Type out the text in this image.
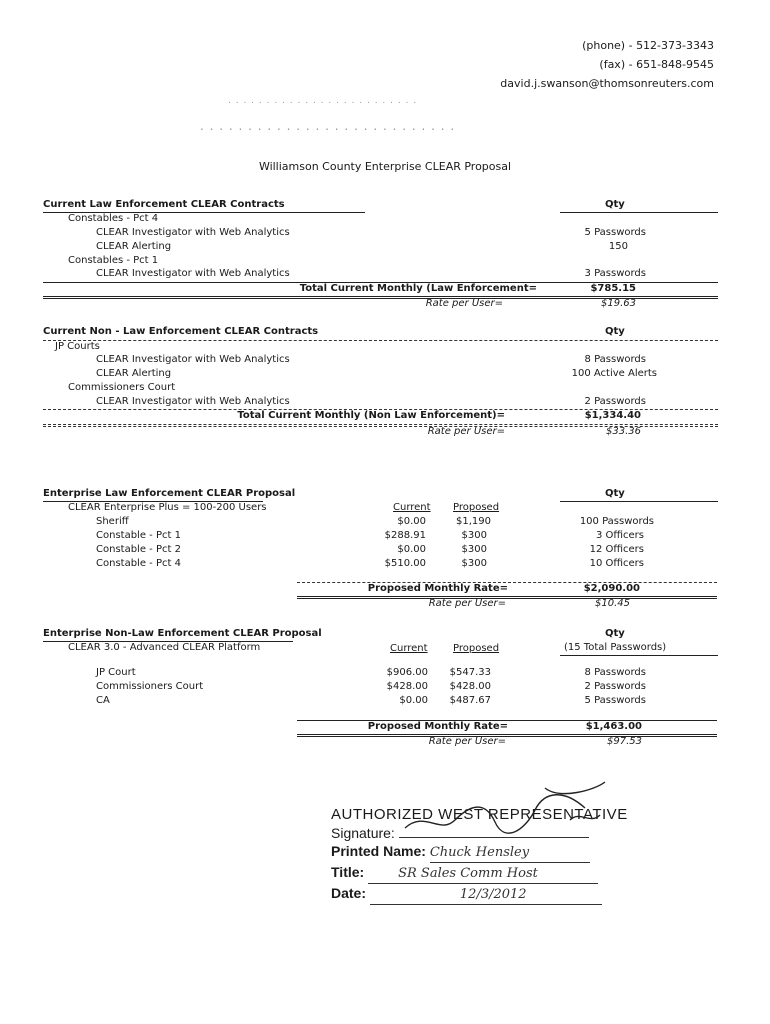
(phone) - 512-373-3343
(fax) - 651-848-9545
david.j.swanson@thomsonreuters.com
. . . . . . . . . . . . . . . . . . . . . . . . .
. . . . . . . . . . . . . . . . . . . . . . . . . . .
Williamson County Enterprise CLEAR Proposal
Current Law Enforcement CLEAR Contracts	Qty
Constables - Pct 4
CLEAR Investigator with Web Analytics	5 Passwords
CLEAR Alerting	150
Constables - Pct 1
CLEAR Investigator with Web Analytics	3 Passwords
Total Current Monthly (Law Enforcement=	$785.15
Rate per User=	$19.63
Current Non - Law Enforcement CLEAR Contracts	Qty
JP Courts
CLEAR Investigator with Web Analytics	8 Passwords
CLEAR Alerting	100 Active Alerts
Commissioners Court
CLEAR Investigator with Web Analytics	2 Passwords
Total Current Monthly (Non Law Enforcement)=	$1,334.40
Rate per User=	$33.36
Enterprise Law Enforcement CLEAR Proposal	Qty
CLEAR Enterprise Plus = 100-200 Users	Current Proposed
Sheriff	$0.00	$1,190	100 Passwords
Constable - Pct 1	$288.91	$300	3 Officers
Constable - Pct 2	$0.00	$300	12 Officers
Constable - Pct 4	$510.00	$300	10 Officers
Proposed Monthly Rate=	$2,090.00
Rate per User=	$10.45
Enterprise Non-Law Enforcement CLEAR Proposal	Qty
CLEAR 3.0 - Advanced CLEAR Platform	Current	Proposed	(15 Total Passwords)
JP Court	$906.00 $547.33	8 Passwords
Commissioners Court	$428.00 $428.00	2 Passwords
CA	$0.00 $487.67	5 Passwords
Proposed Monthly Rate=	$1,463.00
Rate per User=	$97.53
AUTHORIZED WEST REPRESENTATIVE
Signature:
Printed Name: Chuck Hensley
Title:	SR Sales Comm Host
Date:	12/3/2012
